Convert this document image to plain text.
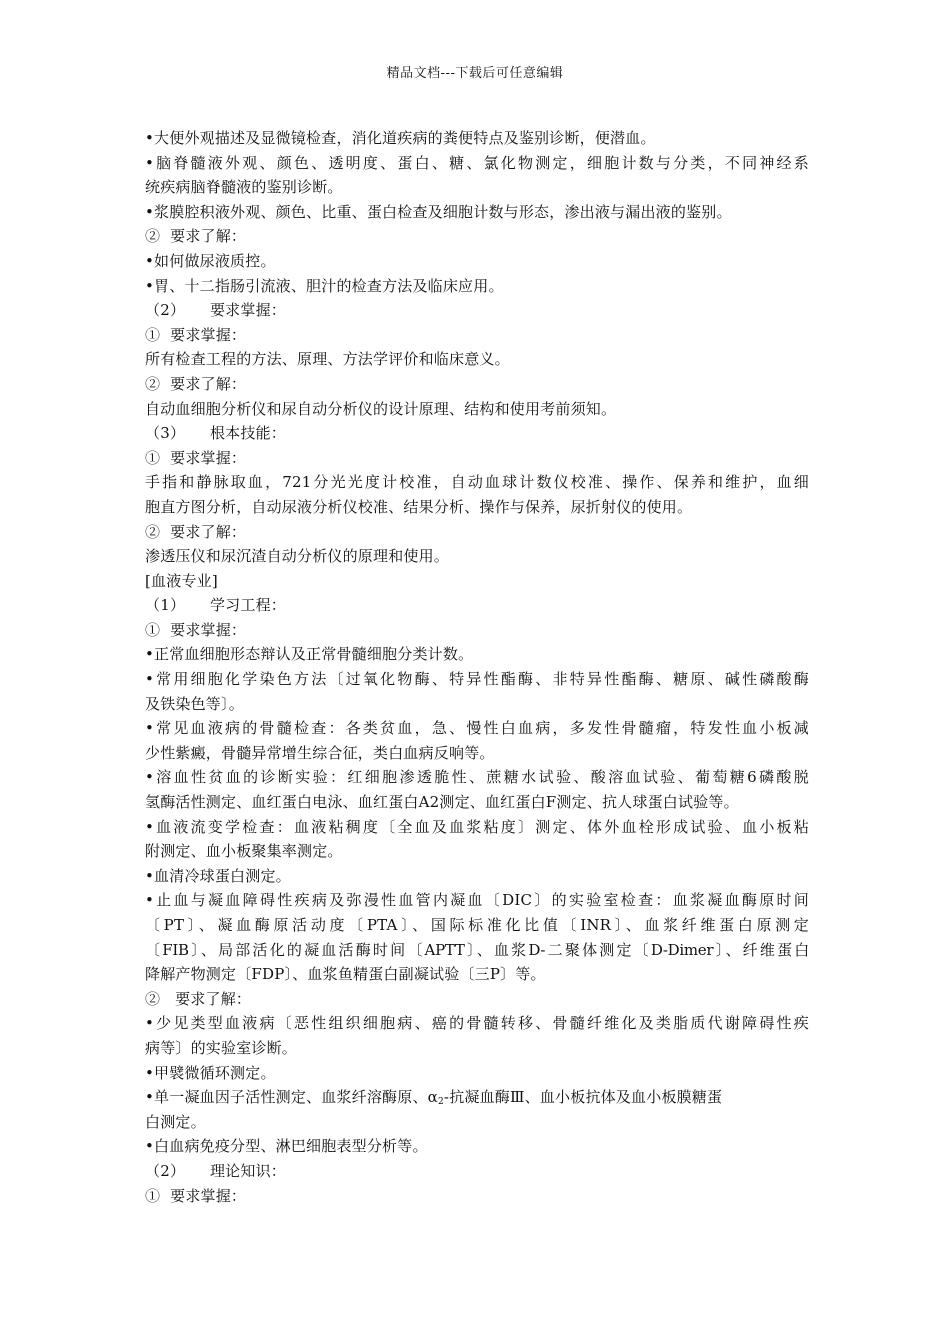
精品文档---下载后可任意编辑
•大便外观描述及显微镜检查，消化道疾病的粪便特点及鉴别诊断，便潜血。
•脑脊髓液外观、颜色、透明度、蛋白、糖、氯化物测定，细胞计数与分类，不同神经系
统疾病脑脊髓液的鉴别诊断。
•浆膜腔积液外观、颜色、比重、蛋白检查及细胞计数与形态，渗出液与漏出液的鉴别。
②  要求了解：
•如何做尿液质控。
•胃、十二指肠引流液、胆汁的检查方法及临床应用。
（2）     要求掌握：
①  要求掌握：
所有检查工程的方法、原理、方法学评价和临床意义。
②  要求了解：
自动血细胞分析仪和尿自动分析仪的设计原理、结构和使用考前须知。
（3）     根本技能：
①  要求掌握：
手指和静脉取血，721分光光度计校准，自动血球计数仪校准、操作、保养和维护，血细
胞直方图分析，自动尿液分析仪校准、结果分析、操作与保养，尿折射仪的使用。
②  要求了解：
渗透压仪和尿沉渣自动分析仪的原理和使用。
[血液专业]
（1）     学习工程：
①  要求掌握：
•正常血细胞形态辩认及正常骨髓细胞分类计数。
•常用细胞化学染色方法〔过氧化物酶、特异性酯酶、非特异性酯酶、糖原、碱性磷酸酶
及铁染色等〕。
•常见血液病的骨髓检查：各类贫血，急、慢性白血病，多发性骨髓瘤，特发性血小板减
少性紫癜，骨髓异常增生综合征，类白血病反响等。
•溶血性贫血的诊断实验：红细胞渗透脆性、蔗糖水试验、酸溶血试验、葡萄糖6磷酸脱
氢酶活性测定、血红蛋白电泳、血红蛋白A2测定、血红蛋白F测定、抗人球蛋白试验等。
•血液流变学检查：血液粘稠度〔全血及血浆粘度〕测定、体外血栓形成试验、血小板粘
附测定、血小板聚集率测定。
•血清冷球蛋白测定。
•止血与凝血障碍性疾病及弥漫性血管内凝血〔DIC〕的实验室检查：血浆凝血酶原时间
〔PT〕、凝血酶原活动度〔PTA〕、国际标准化比值〔INR〕、血浆纤维蛋白原测定
〔FIB〕、局部活化的凝血活酶时间〔APTT〕、血浆D-二聚体测定〔D-Dimer〕、纤维蛋白
降解产物测定〔FDP〕、血浆鱼精蛋白副凝试验〔三P〕等。
②   要求了解：
•少见类型血液病〔恶性组织细胞病、癌的骨髓转移、骨髓纤维化及类脂质代谢障碍性疾
病等〕的实验室诊断。
•甲襞微循环测定。
•单一凝血因子活性测定、血浆纤溶酶原、$\alpha_2-$抗凝血酶Ⅲ、血小板抗体及血小板膜糖蛋
白测定。
•白血病免疫分型、淋巴细胞表型分析等。
（2）     理论知识：
①  要求掌握：
